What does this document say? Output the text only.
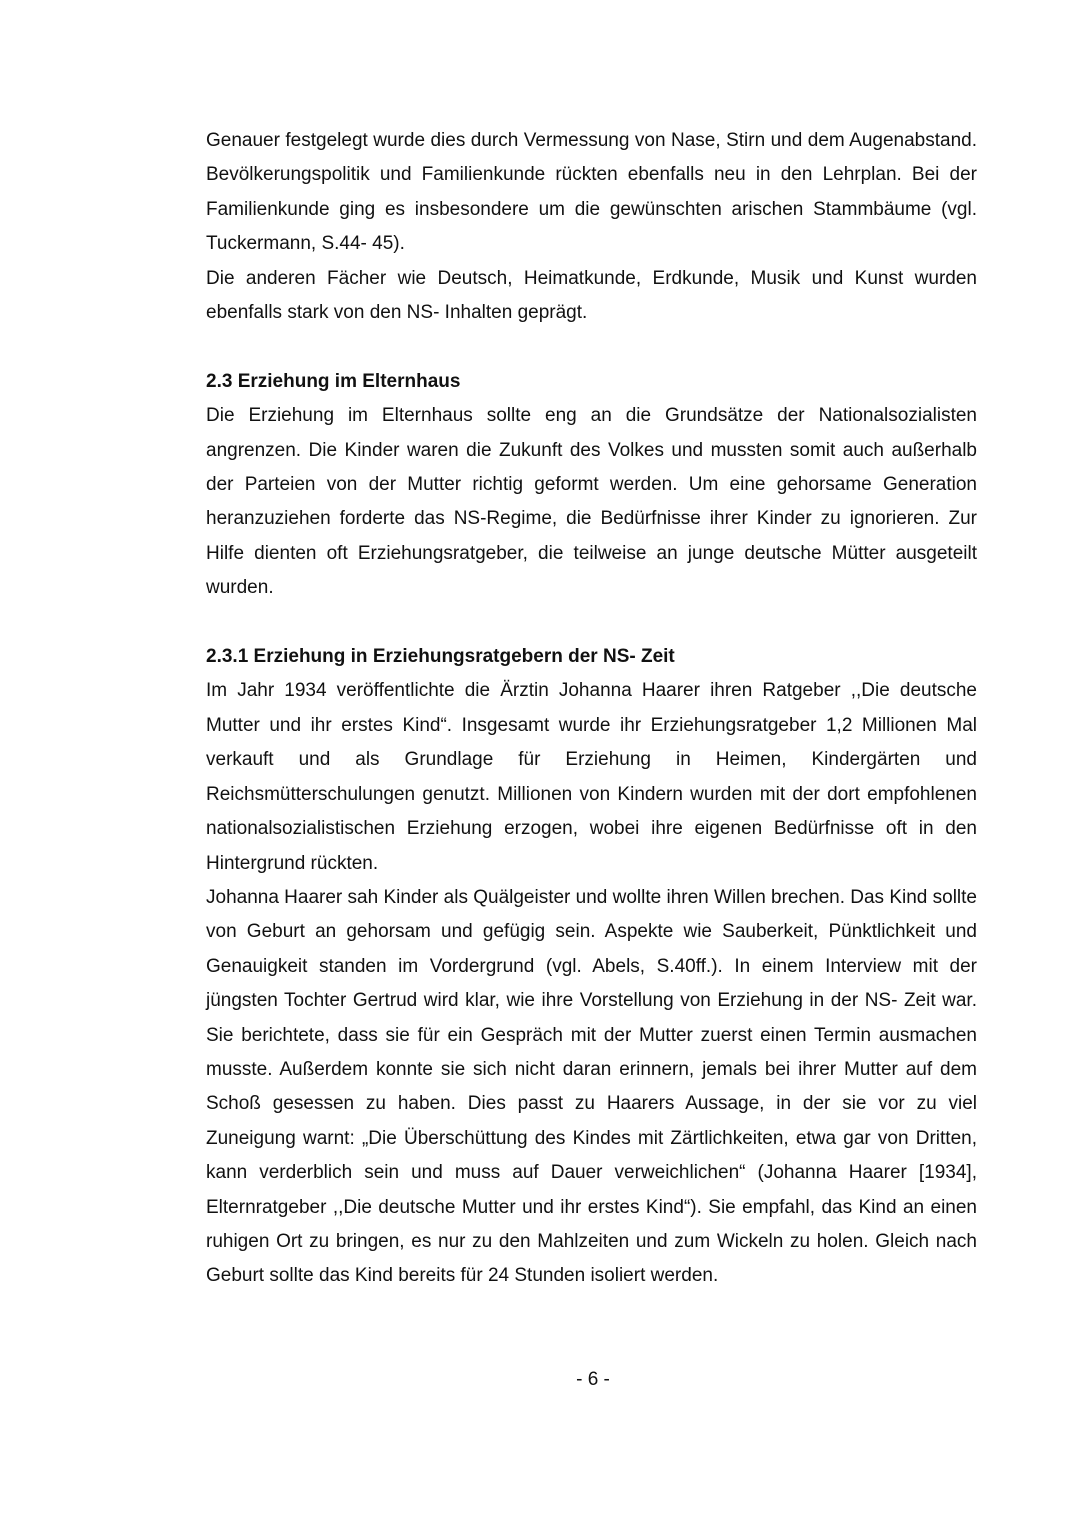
Genauer festgelegt wurde dies durch Vermessung von Nase, Stirn und dem Augenabstand. Bevölkerungspolitik und Familienkunde rückten ebenfalls neu in den Lehrplan. Bei der Familienkunde ging es insbesondere um die gewünschten arischen Stammbäume (vgl. Tuckermann, S.44- 45).

Die anderen Fächer wie Deutsch, Heimatkunde, Erdkunde, Musik und Kunst wurden ebenfalls stark von den NS- Inhalten geprägt.

2.3 Erziehung im Elternhaus

Die Erziehung im Elternhaus sollte eng an die Grundsätze der Nationalsozialisten angrenzen. Die Kinder waren die Zukunft des Volkes und mussten somit auch außerhalb der Parteien von der Mutter richtig geformt werden. Um eine gehorsame Generation heranzuziehen forderte das NS-Regime, die Bedürfnisse ihrer Kinder zu ignorieren. Zur Hilfe dienten oft Erziehungsratgeber, die teilweise an junge deutsche Mütter ausgeteilt wurden.

2.3.1 Erziehung in Erziehungsratgebern der NS- Zeit

Im Jahr 1934 veröffentlichte die Ärztin Johanna Haarer ihren Ratgeber ,,Die deutsche Mutter und ihr erstes Kind“. Insgesamt wurde ihr Erziehungsratgeber 1,2 Millionen Mal verkauft und als Grundlage für Erziehung in Heimen, Kindergärten und Reichsmütterschulungen genutzt. Millionen von Kindern wurden mit der dort empfohlenen nationalsozialistischen Erziehung erzogen, wobei ihre eigenen Bedürfnisse oft in den Hintergrund rückten.

Johanna Haarer sah Kinder als Quälgeister und wollte ihren Willen brechen. Das Kind sollte von Geburt an gehorsam und gefügig sein. Aspekte wie Sauberkeit, Pünktlichkeit und Genauigkeit standen im Vordergrund (vgl. Abels, S.40ff.). In einem Interview mit der jüngsten Tochter Gertrud wird klar, wie ihre Vorstellung von Erziehung in der NS- Zeit war. Sie berichtete, dass sie für ein Gespräch mit der Mutter zuerst einen Termin ausmachen musste. Außerdem konnte sie sich nicht daran erinnern, jemals bei ihrer Mutter auf dem Schoß gesessen zu haben. Dies passt zu Haarers Aussage, in der sie vor zu viel Zuneigung warnt: „Die Überschüttung des Kindes mit Zärtlichkeiten, etwa gar von Dritten, kann verderblich sein und muss auf Dauer verweichlichen“ (Johanna Haarer [1934], Elternratgeber ,,Die deutsche Mutter und ihr erstes Kind“). Sie empfahl, das Kind an einen ruhigen Ort zu bringen, es nur zu den Mahlzeiten und zum Wickeln zu holen. Gleich nach Geburt sollte das Kind bereits für 24 Stunden isoliert werden.

- 6 -
